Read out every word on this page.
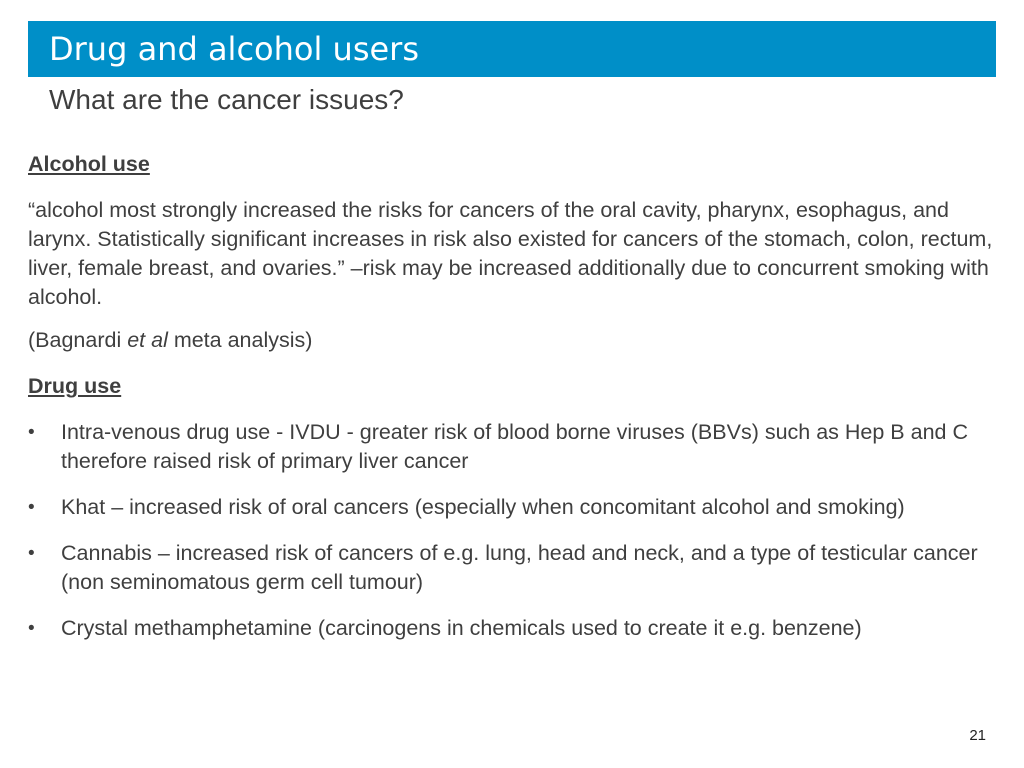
Drug and alcohol users
What are the cancer issues?

Alcohol use

“alcohol most strongly increased the risks for cancers of the oral cavity, pharynx, esophagus, and larynx. Statistically significant increases in risk also existed for cancers of the stomach, colon, rectum, liver, female breast, and ovaries.” –risk may be increased additionally due to concurrent smoking with alcohol.

(Bagnardi et al meta analysis)

Drug use

• Intra-venous drug use - IVDU - greater risk of blood borne viruses (BBVs) such as Hep B and C therefore raised risk of primary liver cancer
• Khat – increased risk of oral cancers (especially when concomitant alcohol and smoking)
• Cannabis – increased risk of cancers of e.g. lung, head and neck, and a type of testicular cancer (non seminomatous germ cell tumour)
• Crystal methamphetamine (carcinogens in chemicals used to create it e.g. benzene)
21
